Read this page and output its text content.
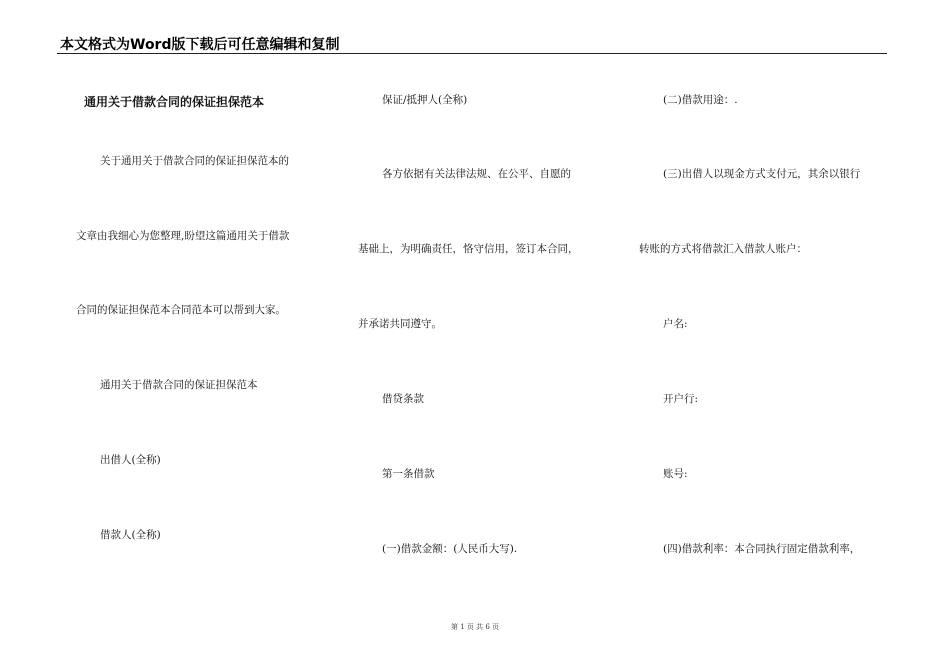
本文格式为Word版下载后可任意编辑和复制
通用关于借款合同的保证担保范本
关于通用关于借款合同的保证担保范本的
文章由我细心为您整理,盼望这篇通用关于借款
合同的保证担保范本合同范本可以帮到大家。
通用关于借款合同的保证担保范本
出借人(全称)
借款人(全称)
保证/抵押人(全称)
各方依据有关法律法规、在公平、自愿的
基础上，为明确责任，恪守信用，签订本合同，
并承诺共同遵守。
借贷条款
第一条借款
(一)借款金额：(人民币大写).
(二)借款用途：.
(三)出借人以现金方式支付元，其余以银行
转账的方式将借款汇入借款人账户：
户名:
开户行:
账号:
(四)借款利率：本合同执行固定借款利率，
第 1 页 共 6 页
